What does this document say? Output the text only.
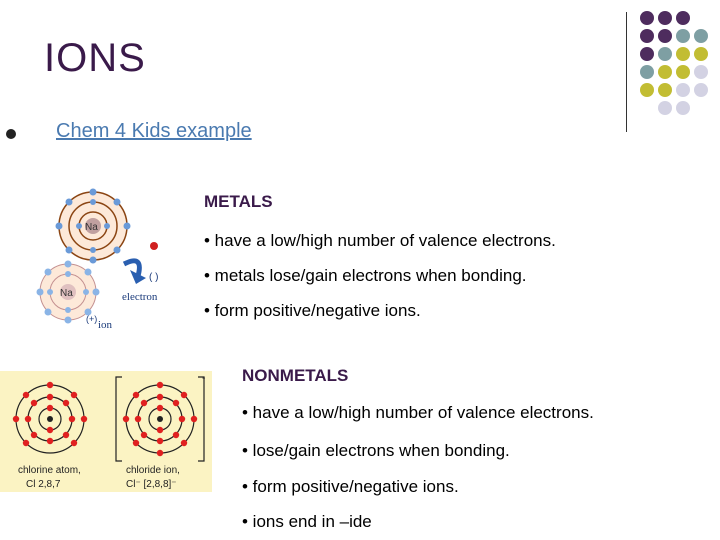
IONS
Chem 4 Kids example
Na
( )
electron
Na
(+) ion
METALS
• have a low/high number of valence electrons.
• metals lose/gain electrons when bonding.
• form positive/negative ions.
-
chlorine atom,
Cl 2,8,7
chloride ion,
Cl⁻ [2,8,8]⁻
NONMETALS
• have a low/high number of valence electrons.
• lose/gain electrons when bonding.
• form positive/negative ions.
• ions end in –ide
